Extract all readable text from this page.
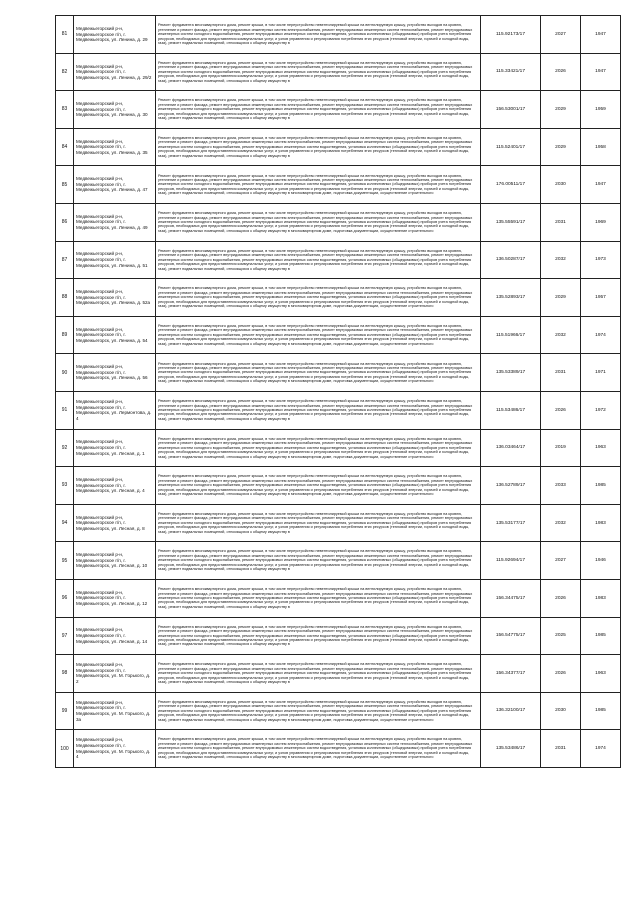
81	Медвежьегорский р-н, Медвежьегорское г/п, г. Медвежьегорск, ул. Ленина, д. 29	Ремонт фундамента многоквартирного дома, ремонт крыши, в том числе переустройство невентилируемой крыши на вентилируемую крышу, устройство выходов на кровлю, утепление и ремонт фасада, ремонт внутридомовых инженерных систем электроснабжения, ремонт внутридомовых инженерных систем теплоснабжения, ремонт внутридомовых инженерных систем холодного водоснабжения, ремонт внутридомовых инженерных систем водоотведения, установка коллективных (общедомовых) приборов учета потребления ресурсов, необходимых для предоставления коммунальных услуг, и узлов управления и регулирования потребления этих ресурсов (тепловой энергии, горячей и холодной воды, газа), ремонт подвальных помещений, относящихся к общему имуществу в	115.92173/17	2027	1947

82	Медвежьегорский р-н, Медвежьегорское г/п, г. Медвежьегорск, ул. Ленина, д. 29/2	Ремонт фундамента многоквартирного дома, ремонт крыши, в том числе переустройство невентилируемой крыши на вентилируемую крышу, устройство выходов на кровлю, утепление и ремонт фасада, ремонт внутридомовых инженерных систем электроснабжения, ремонт внутридомовых инженерных систем теплоснабжения, ремонт внутридомовых инженерных систем холодного водоснабжения, ремонт внутридомовых инженерных систем водоотведения, установка коллективных (общедомовых) приборов учета потребления ресурсов, необходимых для предоставления коммунальных услуг, и узлов управления и регулирования потребления этих ресурсов (тепловой энергии, горячей и холодной воды, газа), ремонт подвальных помещений, относящихся к общему имуществу в	115.33421/17	2026	1947

83	Медвежьегорский р-н, Медвежьегорское г/п, г. Медвежьегорск, ул. Ленина, д. 30	Ремонт фундамента многоквартирного дома, ремонт крыши, в том числе переустройство невентилируемой крыши на вентилируемую крышу, устройство выходов на кровлю, утепление и ремонт фасада, ремонт внутридомовых инженерных систем электроснабжения, ремонт внутридомовых инженерных систем теплоснабжения, ремонт внутридомовых инженерных систем холодного водоснабжения, ремонт внутридомовых инженерных систем водоотведения, установка коллективных (общедомовых) приборов учета потребления ресурсов, необходимых для предоставления коммунальных услуг, и узлов управления и регулирования потребления этих ресурсов (тепловой энергии, горячей и холодной воды, газа), ремонт подвальных помещений, относящихся к общему имуществу в	156.53001/17	2029	1959

84	Медвежьегорский р-н, Медвежьегорское г/п, г. Медвежьегорск, ул. Ленина, д. 35	Ремонт фундамента многоквартирного дома, ремонт крыши, в том числе переустройство невентилируемой крыши на вентилируемую крышу, устройство выходов на кровлю, утепление и ремонт фасада, ремонт внутридомовых инженерных систем электроснабжения, ремонт внутридомовых инженерных систем теплоснабжения, ремонт внутридомовых инженерных систем холодного водоснабжения, ремонт внутридомовых инженерных систем водоотведения, установка коллективных (общедомовых) приборов учета потребления ресурсов, необходимых для предоставления коммунальных услуг, и узлов управления и регулирования потребления этих ресурсов (тепловой энергии, горячей и холодной воды, газа), ремонт подвальных помещений, относящихся к общему имуществу в	115.52401/17	2029	1958

85	Медвежьегорский р-н, Медвежьегорское г/п, г. Медвежьегорск, ул. Ленина, д. 47	Ремонт фундамента многоквартирного дома, ремонт крыши, в том числе переустройство невентилируемой крыши на вентилируемую крышу, устройство выходов на кровлю, утепление и ремонт фасада, ремонт внутридомовых инженерных систем электроснабжения, ремонт внутридомовых инженерных систем теплоснабжения, ремонт внутридомовых инженерных систем холодного водоснабжения, ремонт внутридомовых инженерных систем водоотведения, установка коллективных (общедомовых) приборов учета потребления ресурсов, необходимых для предоставления коммунальных услуг, и узлов управления и регулирования потребления этих ресурсов (тепловой энергии, горячей и холодной воды, газа), ремонт подвальных помещений, относящихся к общему имуществу в многоквартирном доме, подготовка документации, осуществление строительного	176.00511/17	2030	1947

86	Медвежьегорский р-н, Медвежьегорское г/п, г. Медвежьегорск, ул. Ленина, д. 49	Ремонт фундамента многоквартирного дома, ремонт крыши, в том числе переустройство невентилируемой крыши на вентилируемую крышу, устройство выходов на кровлю, утепление и ремонт фасада, ремонт внутридомовых инженерных систем электроснабжения, ремонт внутридомовых инженерных систем теплоснабжения, ремонт внутридомовых инженерных систем холодного водоснабжения, ремонт внутридомовых инженерных систем водоотведения, установка коллективных (общедомовых) приборов учета потребления ресурсов, необходимых для предоставления коммунальных услуг, и узлов управления и регулирования потребления этих ресурсов (тепловой энергии, горячей и холодной воды, газа), ремонт подвальных помещений, относящихся к общему имуществу в многоквартирном доме, подготовка документации, осуществление строительного	135.55591/17	2031	1969

87	Медвежьегорский р-н, Медвежьегорское г/п, г. Медвежьегорск, ул. Ленина, д. 51	Ремонт фундамента многоквартирного дома, ремонт крыши, в том числе переустройство невентилируемой крыши на вентилируемую крышу, устройство выходов на кровлю, утепление и ремонт фасада, ремонт внутридомовых инженерных систем электроснабжения, ремонт внутридомовых инженерных систем теплоснабжения, ремонт внутридомовых инженерных систем холодного водоснабжения, ремонт внутридомовых инженерных систем водоотведения, установка коллективных (общедомовых) приборов учета потребления ресурсов, необходимых для предоставления коммунальных услуг, и узлов управления и регулирования потребления этих ресурсов (тепловой энергии, горячей и холодной воды, газа), ремонт подвальных помещений, относящихся к общему имуществу в	136.50287/17	2032	1973

88	Медвежьегорский р-н, Медвежьегорское г/п, г. Медвежьегорск, ул. Ленина, д. 52а	Ремонт фундамента многоквартирного дома, ремонт крыши, в том числе переустройство невентилируемой крыши на вентилируемую крышу, устройство выходов на кровлю, утепление и ремонт фасада, ремонт внутридомовых инженерных систем электроснабжения, ремонт внутридомовых инженерных систем теплоснабжения, ремонт внутридомовых инженерных систем холодного водоснабжения, ремонт внутридомовых инженерных систем водоотведения, установка коллективных (общедомовых) приборов учета потребления ресурсов, необходимых для предоставления коммунальных услуг, и узлов управления и регулирования потребления этих ресурсов (тепловой энергии, горячей и холодной воды, газа), ремонт подвальных помещений, относящихся к общему имуществу в многоквартирном доме, подготовка документации, осуществление строительного	135.52893/17	2029	1957

89	Медвежьегорский р-н, Медвежьегорское г/п, г. Медвежьегорск, ул. Ленина, д. 54	Ремонт фундамента многоквартирного дома, ремонт крыши, в том числе переустройство невентилируемой крыши на вентилируемую крышу, устройство выходов на кровлю, утепление и ремонт фасада, ремонт внутридомовых инженерных систем электроснабжения, ремонт внутридомовых инженерных систем теплоснабжения, ремонт внутридомовых инженерных систем холодного водоснабжения, ремонт внутридомовых инженерных систем водоотведения, установка коллективных (общедомовых) приборов учета потребления ресурсов, необходимых для предоставления коммунальных услуг, и узлов управления и регулирования потребления этих ресурсов (тепловой энергии, горячей и холодной воды, газа), ремонт подвальных помещений, относящихся к общему имуществу в многоквартирном доме, подготовка документации, осуществление строительного	115.51966/17	2032	1974

90	Медвежьегорский р-н, Медвежьегорское г/п, г. Медвежьегорск, ул. Ленина, д. 56	Ремонт фундамента многоквартирного дома, ремонт крыши, в том числе переустройство невентилируемой крыши на вентилируемую крышу, устройство выходов на кровлю, утепление и ремонт фасада, ремонт внутридомовых инженерных систем электроснабжения, ремонт внутридомовых инженерных систем теплоснабжения, ремонт внутридомовых инженерных систем холодного водоснабжения, ремонт внутридомовых инженерных систем водоотведения, установка коллективных (общедомовых) приборов учета потребления ресурсов, необходимых для предоставления коммунальных услуг, и узлов управления и регулирования потребления этих ресурсов (тепловой энергии, горячей и холодной воды, газа), ремонт подвальных помещений, относящихся к общему имуществу в многоквартирном доме, подготовка документации, осуществление строительного	135.53389/17	2031	1971

91	Медвежьегорский р-н, Медвежьегорское г/п, г. Медвежьегорск, ул. Лермонтова, д. 4	Ремонт фундамента многоквартирного дома, ремонт крыши, в том числе переустройство невентилируемой крыши на вентилируемую крышу, устройство выходов на кровлю, утепление и ремонт фасада, ремонт внутридомовых инженерных систем электроснабжения, ремонт внутридомовых инженерных систем теплоснабжения, ремонт внутридомовых инженерных систем холодного водоснабжения, ремонт внутридомовых инженерных систем водоотведения, установка коллективных (общедомовых) приборов учета потребления ресурсов, необходимых для предоставления коммунальных услуг, и узлов управления и регулирования потребления этих ресурсов (тепловой энергии, горячей и холодной воды, газа), ремонт подвальных помещений, относящихся к общему имуществу в	115.53486/17	2026	1972

92	Медвежьегорский р-н, Медвежьегорское г/п, г. Медвежьегорск, ул. Лесная, д. 1	Ремонт фундамента многоквартирного дома, ремонт крыши, в том числе переустройство невентилируемой крыши на вентилируемую крышу, устройство выходов на кровлю, утепление и ремонт фасада, ремонт внутридомовых инженерных систем электроснабжения, ремонт внутридомовых инженерных систем теплоснабжения, ремонт внутридомовых инженерных систем холодного водоснабжения, ремонт внутридомовых инженерных систем водоотведения, установка коллективных (общедомовых) приборов учета потребления ресурсов, необходимых для предоставления коммунальных услуг, и узлов управления и регулирования потребления этих ресурсов (тепловой энергии, горячей и холодной воды, газа), ремонт подвальных помещений, относящихся к общему имуществу в многоквартирном доме, подготовка документации, осуществление строительного	136.03464/17	2019	1963

93	Медвежьегорский р-н, Медвежьегорское г/п, г. Медвежьегорск, ул. Лесная, д. 4	Ремонт фундамента многоквартирного дома, ремонт крыши, в том числе переустройство невентилируемой крыши на вентилируемую крышу, устройство выходов на кровлю, утепление и ремонт фасада, ремонт внутридомовых инженерных систем электроснабжения, ремонт внутридомовых инженерных систем теплоснабжения, ремонт внутридомовых инженерных систем холодного водоснабжения, ремонт внутридомовых инженерных систем водоотведения, установка коллективных (общедомовых) приборов учета потребления ресурсов, необходимых для предоставления коммунальных услуг, и узлов управления и регулирования потребления этих ресурсов (тепловой энергии, горячей и холодной воды, газа), ремонт подвальных помещений, относящихся к общему имуществу в многоквартирном доме, подготовка документации, осуществление строительного	136.52789/17	2033	1985

94	Медвежьегорский р-н, Медвежьегорское г/п, г. Медвежьегорск, ул. Лесная, д. 8	Ремонт фундамента многоквартирного дома, ремонт крыши, в том числе переустройство невентилируемой крыши на вентилируемую крышу, устройство выходов на кровлю, утепление и ремонт фасада, ремонт внутридомовых инженерных систем электроснабжения, ремонт внутридомовых инженерных систем теплоснабжения, ремонт внутридомовых инженерных систем холодного водоснабжения, ремонт внутридомовых инженерных систем водоотведения, установка коллективных (общедомовых) приборов учета потребления ресурсов, необходимых для предоставления коммунальных услуг, и узлов управления и регулирования потребления этих ресурсов (тепловой энергии, горячей и холодной воды, газа), ремонт подвальных помещений, относящихся к общему имуществу в	135.53177/17	2032	1983

95	Медвежьегорский р-н, Медвежьегорское г/п, г. Медвежьегорск, ул. Лесная, д. 10	Ремонт фундамента многоквартирного дома, ремонт крыши, в том числе переустройство невентилируемой крыши на вентилируемую крышу, устройство выходов на кровлю, утепление и ремонт фасада, ремонт внутридомовых инженерных систем электроснабжения, ремонт внутридомовых инженерных систем теплоснабжения, ремонт внутридомовых инженерных систем холодного водоснабжения, ремонт внутридомовых инженерных систем водоотведения, установка коллективных (общедомовых) приборов учета потребления ресурсов, необходимых для предоставления коммунальных услуг, и узлов управления и регулирования потребления этих ресурсов (тепловой энергии, горячей и холодной воды, газа), ремонт подвальных помещений, относящихся к общему имуществу в	115.92694/17	2027	1946

96	Медвежьегорский р-н, Медвежьегорское г/п, г. Медвежьегорск, ул. Лесная, д. 12	Ремонт фундамента многоквартирного дома, ремонт крыши, в том числе переустройство невентилируемой крыши на вентилируемую крышу, устройство выходов на кровлю, утепление и ремонт фасада, ремонт внутридомовых инженерных систем электроснабжения, ремонт внутридомовых инженерных систем теплоснабжения, ремонт внутридомовых инженерных систем холодного водоснабжения, ремонт внутридомовых инженерных систем водоотведения, установка коллективных (общедомовых) приборов учета потребления ресурсов, необходимых для предоставления коммунальных услуг, и узлов управления и регулирования потребления этих ресурсов (тепловой энергии, горячей и холодной воды, газа), ремонт подвальных помещений, относящихся к общему имуществу в	156.34475/17	2026	1983

97	Медвежьегорский р-н, Медвежьегорское г/п, г. Медвежьегорск, ул. Лесная, д. 14	Ремонт фундамента многоквартирного дома, ремонт крыши, в том числе переустройство невентилируемой крыши на вентилируемую крышу, устройство выходов на кровлю, утепление и ремонт фасада, ремонт внутридомовых инженерных систем электроснабжения, ремонт внутридомовых инженерных систем теплоснабжения, ремонт внутридомовых инженерных систем холодного водоснабжения, ремонт внутридомовых инженерных систем водоотведения, установка коллективных (общедомовых) приборов учета потребления ресурсов, необходимых для предоставления коммунальных услуг, и узлов управления и регулирования потребления этих ресурсов (тепловой энергии, горячей и холодной воды, газа), ремонт подвальных помещений, относящихся к общему имуществу в	156.54775/17	2025	1985

98	Медвежьегорский р-н, Медвежьегорское г/п, г. Медвежьегорск, ул. М. Горького, д. 2	Ремонт фундамента многоквартирного дома, ремонт крыши, в том числе переустройство невентилируемой крыши на вентилируемую крышу, устройство выходов на кровлю, утепление и ремонт фасада, ремонт внутридомовых инженерных систем электроснабжения, ремонт внутридомовых инженерных систем теплоснабжения, ремонт внутридомовых инженерных систем холодного водоснабжения, ремонт внутридомовых инженерных систем водоотведения, установка коллективных (общедомовых) приборов учета потребления ресурсов, необходимых для предоставления коммунальных услуг, и узлов управления и регулирования потребления этих ресурсов (тепловой энергии, горячей и холодной воды, газа), ремонт подвальных помещений, относящихся к общему имуществу в	156.34377/17	2026	1963

99	Медвежьегорский р-н, Медвежьегорское г/п, г. Медвежьегорск, ул. М. Горького, д. 3а	Ремонт фундамента многоквартирного дома, ремонт крыши, в том числе переустройство невентилируемой крыши на вентилируемую крышу, устройство выходов на кровлю, утепление и ремонт фасада, ремонт внутридомовых инженерных систем электроснабжения, ремонт внутридомовых инженерных систем теплоснабжения, ремонт внутридомовых инженерных систем холодного водоснабжения, ремонт внутридомовых инженерных систем водоотведения, установка коллективных (общедомовых) приборов учета потребления ресурсов, необходимых для предоставления коммунальных услуг, и узлов управления и регулирования потребления этих ресурсов (тепловой энергии, горячей и холодной воды, газа), ремонт подвальных помещений, относящихся к общему имуществу в многоквартирном доме, подготовка документации, осуществление строительного	136.32100/17	2030	1985

100	Медвежьегорский р-н, Медвежьегорское г/п, г. Медвежьегорск, ул. М. Горького, д. 4	Ремонт фундамента многоквартирного дома, ремонт крыши, в том числе переустройство невентилируемой крыши на вентилируемую крышу, устройство выходов на кровлю, утепление и ремонт фасада, ремонт внутридомовых инженерных систем электроснабжения, ремонт внутридомовых инженерных систем теплоснабжения, ремонт внутридомовых инженерных систем холодного водоснабжения, ремонт внутридомовых инженерных систем водоотведения, установка коллективных (общедомовых) приборов учета потребления ресурсов, необходимых для предоставления коммунальных услуг, и узлов управления и регулирования потребления этих ресурсов (тепловой энергии, горячей и холодной воды, газа), ремонт подвальных помещений, относящихся к общему имуществу в многоквартирном доме, подготовка документации, осуществление строительного	135.53486/17	2031	1974
